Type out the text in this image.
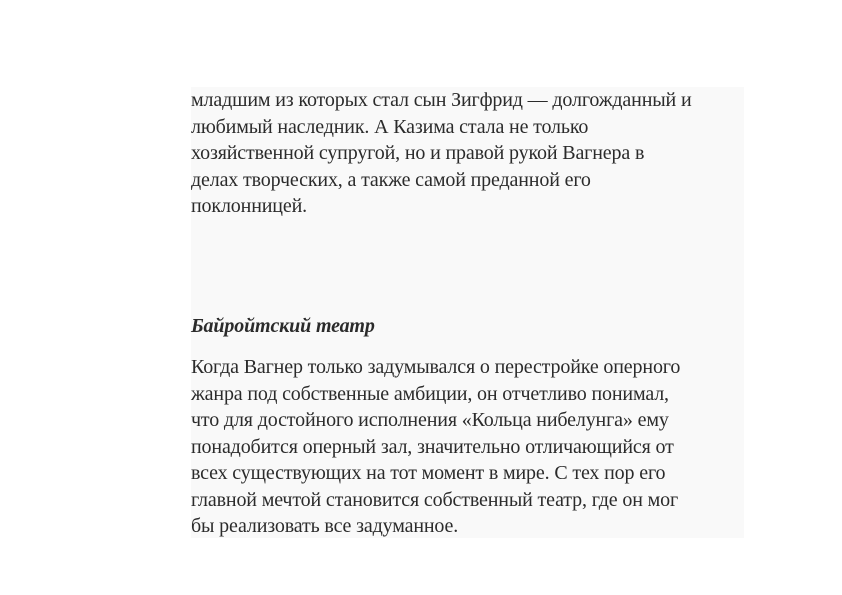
младшим из которых стал сын Зигфрид — долгожданный и
любимый наследник. А Казима стала не только
хозяйственной супругой, но и правой рукой Вагнера в
делах творческих, а также самой преданной его
поклонницей.

Байройтский театр

Когда Вагнер только задумывался о перестройке оперного
жанра под собственные амбиции, он отчетливо понимал,
что для достойного исполнения «Кольца нибелунга» ему
понадобится оперный зал, значительно отличающийся от
всех существующих на тот момент в мире. С тех пор его
главной мечтой становится собственный театр, где он мог
бы реализовать все задуманное.
